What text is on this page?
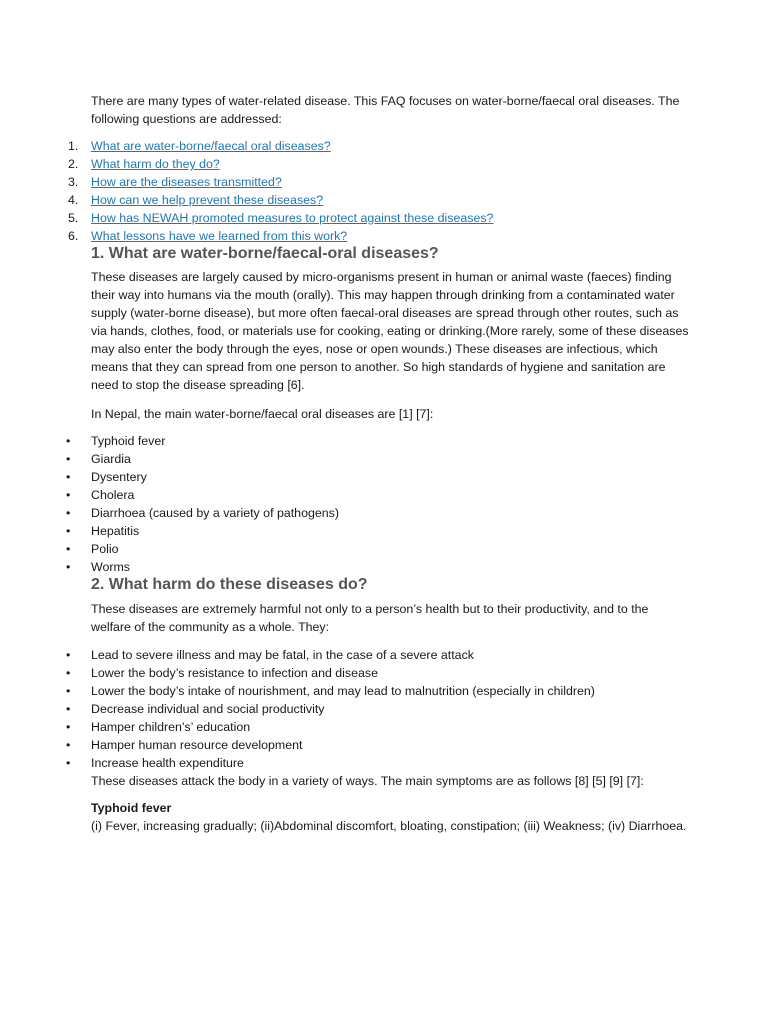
There are many types of water-related disease. This FAQ focuses on water-borne/faecal oral diseases. The following questions are addressed:

1.	What are water-borne/faecal oral diseases?
2.	What harm do they do?
3.	How are the diseases transmitted?
4.	How can we help prevent these diseases?
5.	How has NEWAH promoted measures to protect against these diseases?
6.	What lessons have we learned from this work?
1. What are water-borne/faecal-oral diseases?

These diseases are largely caused by micro-organisms present in human or animal waste (faeces) finding their way into humans via the mouth (orally). This may happen through drinking from a contaminated water supply (water-borne disease), but more often faecal-oral diseases are spread through other routes, such as via hands, clothes, food, or materials use for cooking, eating or drinking.(More rarely, some of these diseases may also enter the body through the eyes, nose or open wounds.) These diseases are infectious, which means that they can spread from one person to another. So high standards of hygiene and sanitation are need to stop the disease spreading [6].

In Nepal, the main water-borne/faecal oral diseases are [1] [7]:

• Typhoid fever
• Giardia
• Dysentery
• Cholera
• Diarrhoea (caused by a variety of pathogens)
• Hepatitis
• Polio
• Worms
2. What harm do these diseases do?

These diseases are extremely harmful not only to a person’s health but to their productivity, and to the welfare of the community as a whole. They:

• Lead to severe illness and may be fatal, in the case of a severe attack
• Lower the body’s resistance to infection and disease
• Lower the body’s intake of nourishment, and may lead to malnutrition (especially in children)
• Decrease individual and social productivity
• Hamper children’s’ education
• Hamper human resource development
• Increase health expenditure

These diseases attack the body in a variety of ways. The main symptoms are as follows [8] [5] [9] [7]:

Typhoid fever
(i) Fever, increasing gradually; (ii)Abdominal discomfort, bloating, constipation; (iii) Weakness; (iv) Diarrhoea.
